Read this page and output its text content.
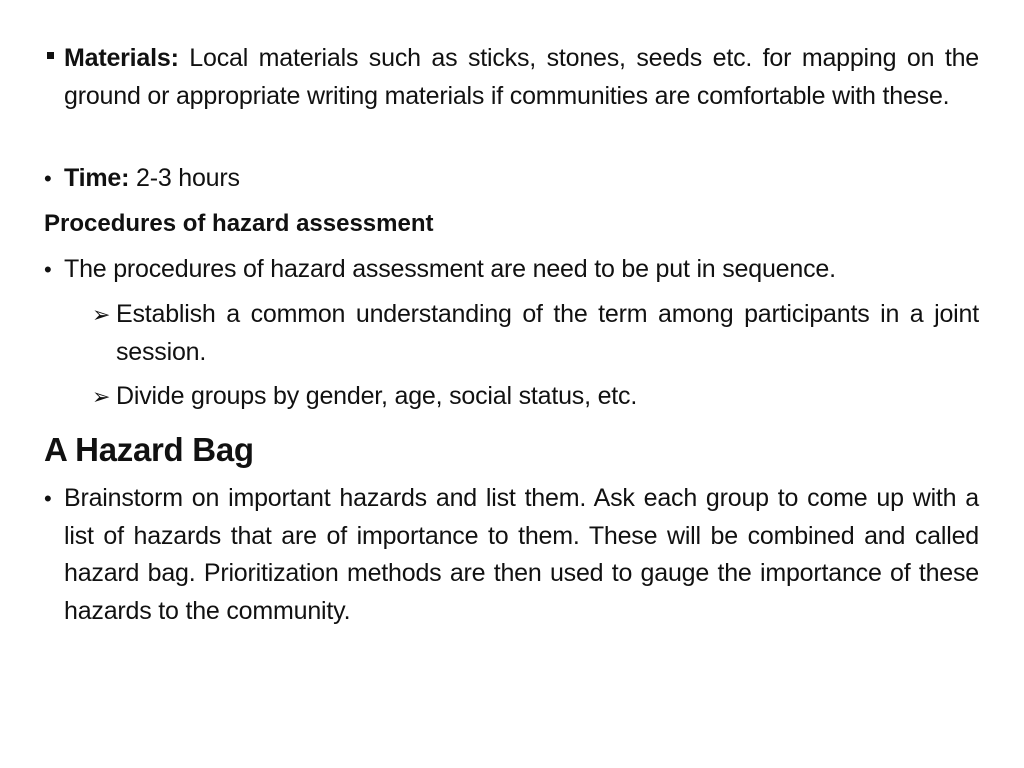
Materials: Local materials such as sticks, stones, seeds etc. for mapping on the ground or appropriate writing materials if communities are comfortable with these.
• Time: 2-3 hours
Procedures of hazard assessment
• The procedures of hazard assessment are need to be put in sequence.
➢ Establish a common understanding of the term among participants in a joint session.
➢ Divide groups by gender, age, social status, etc.
A Hazard Bag
• Brainstorm on important hazards and list them. Ask each group to come up with a list of hazards that are of importance to them. These will be combined and called hazard bag. Prioritization methods are then used to gauge the importance of these hazards to the community.
